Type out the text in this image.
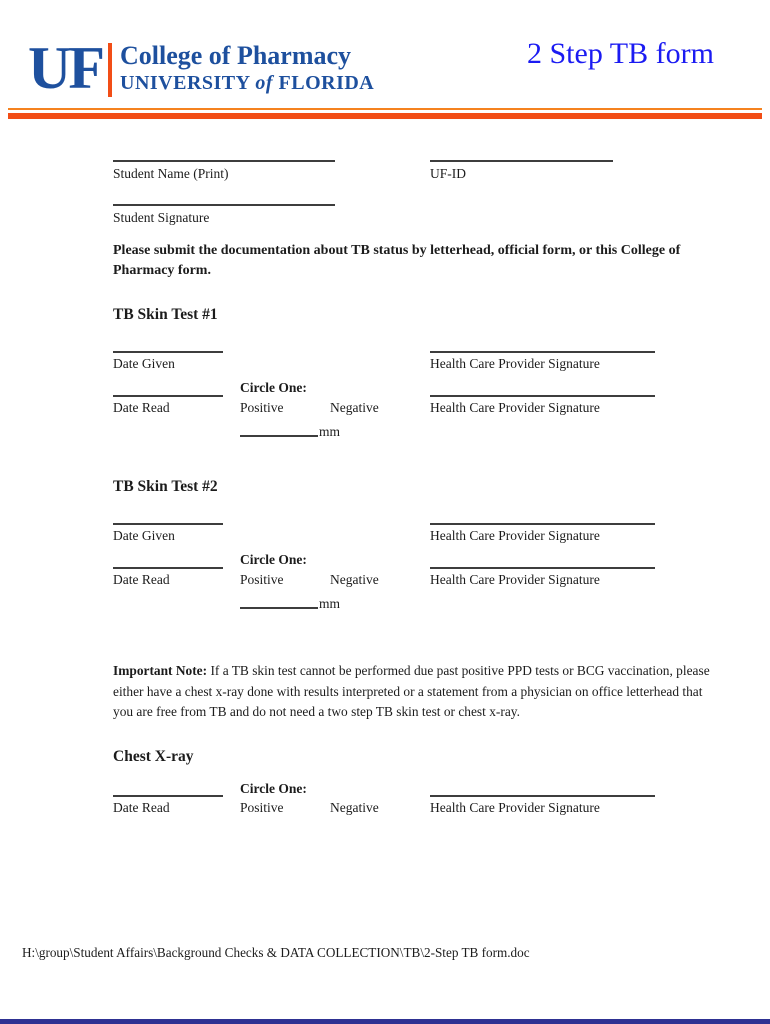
UF College of Pharmacy
UNIVERSITY of FLORIDA
2 Step TB form
Student Name (Print)	UF-ID
Student Signature
Please submit the documentation about TB status by letterhead, official form, or this College of Pharmacy form.
TB Skin Test #1
Date Given	Health Care Provider Signature
Circle One:
Date Read	Positive	Negative	Health Care Provider Signature
mm
TB Skin Test #2
Date Given	Health Care Provider Signature
Circle One:
Date Read	Positive	Negative	Health Care Provider Signature
mm
Important Note: If a TB skin test cannot be performed due past positive PPD tests or BCG vaccination, please either have a chest x-ray done with results interpreted or a statement from a physician on office letterhead that you are free from TB and do not need a two step TB skin test or chest x-ray.
Chest X-ray
Circle One:
Date Read	Positive	Negative	Health Care Provider Signature
H:\group\Student Affairs\Background Checks & DATA COLLECTION\TB\2-Step TB form.doc
